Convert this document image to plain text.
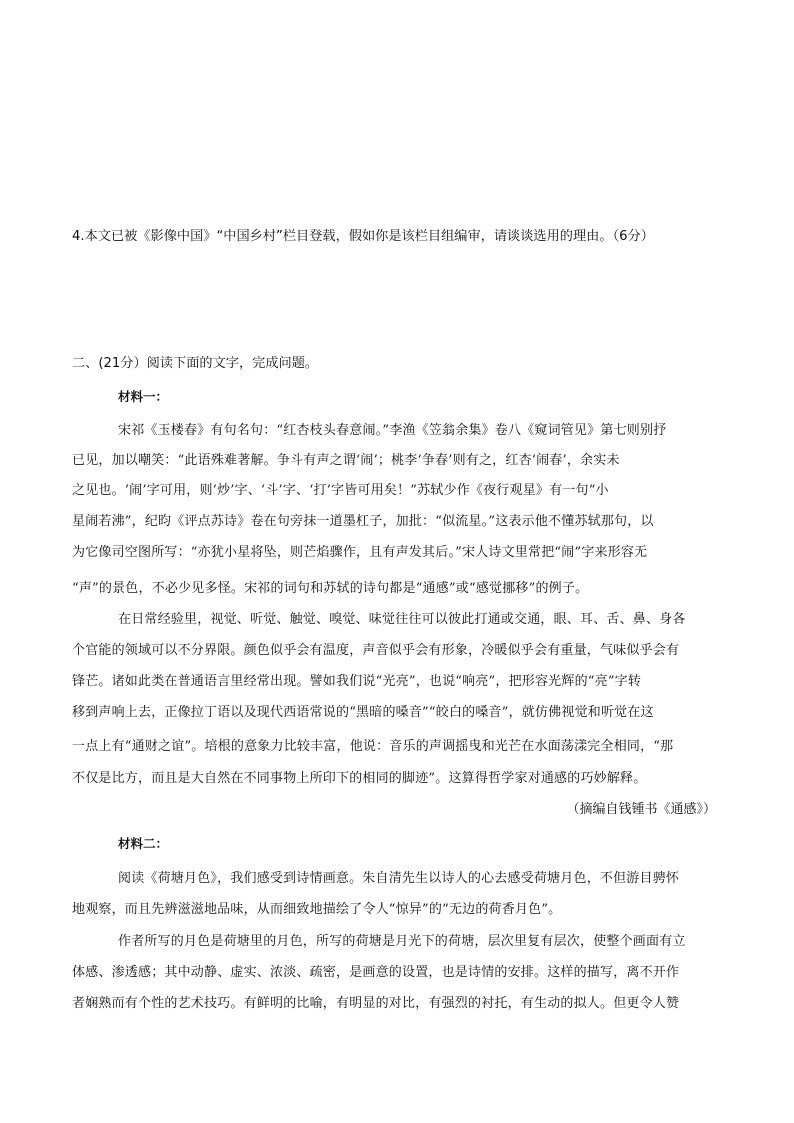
4.本文已被《影像中国》“中国乡村”栏目登载，假如你是该栏目组编审，请谈谈选用的理由。（6分）
二、(21分）阅读下面的文字，完成问题。
材料一：
宋祁《玉楼春》有句名句：“红杏枝头春意闹。”李渔《笠翁余集》卷八《窥词管见》第七则别抒
已见，加以嘲笑：“此语殊难著解。争斗有声之谓‘闹’；桃李‘争春’则有之，红杏‘闹春’，余实未
之见也。‘闹’字可用，则‘炒’字、‘斗’字、‘打’字皆可用矣！”苏轼少作《夜行观星》有一句“小
星闹若沸”，纪昀《评点苏诗》卷在句旁抹一道墨杠子，加批：“似流星。”这表示他不懂苏轼那句，以
为它像司空图所写：“亦犹小星将坠，则芒焰骤作，且有声发其后。”宋人诗文里常把“闹”字来形容无
“声”的景色，不必少见多怪。宋祁的词句和苏轼的诗句都是“通感”或“感觉挪移”的例子。
在日常经验里，视觉、听觉、触觉、嗅觉、味觉往往可以彼此打通或交通，眼、耳、舌、鼻、身各
个官能的领域可以不分界限。颜色似乎会有温度，声音似乎会有形象，冷暖似乎会有重量，气味似乎会有
锋芒。诸如此类在普通语言里经常出现。譬如我们说“光亮”，也说“响亮”，把形容光辉的“亮”字转
移到声响上去，正像拉丁语以及现代西语常说的“黑暗的嗓音”“皎白的嗓音”，就仿佛视觉和听觉在这
一点上有“通财之谊”。培根的意象力比较丰富，他说：音乐的声调摇曳和光芒在水面荡漾完全相同，“那
不仅是比方，而且是大自然在不同事物上所印下的相同的脚迹”。这算得哲学家对通感的巧妙解释。
（摘编自钱锺书《通感》）
材料二：
阅读《荷塘月色》，我们感受到诗情画意。朱自清先生以诗人的心去感受荷塘月色，不但游目骋怀
地观察，而且先辨滋滋地品味，从而细致地描绘了令人“惊异”的“无边的荷香月色”。
作者所写的月色是荷塘里的月色，所写的荷塘是月光下的荷塘，层次里复有层次，使整个画面有立
体感、渗透感；其中动静、虚实、浓淡、疏密，是画意的设置，也是诗情的安排。这样的描写，离不开作
者娴熟而有个性的艺术技巧。有鲜明的比喻，有明显的对比，有强烈的衬托，有生动的拟人。但更令人赞
